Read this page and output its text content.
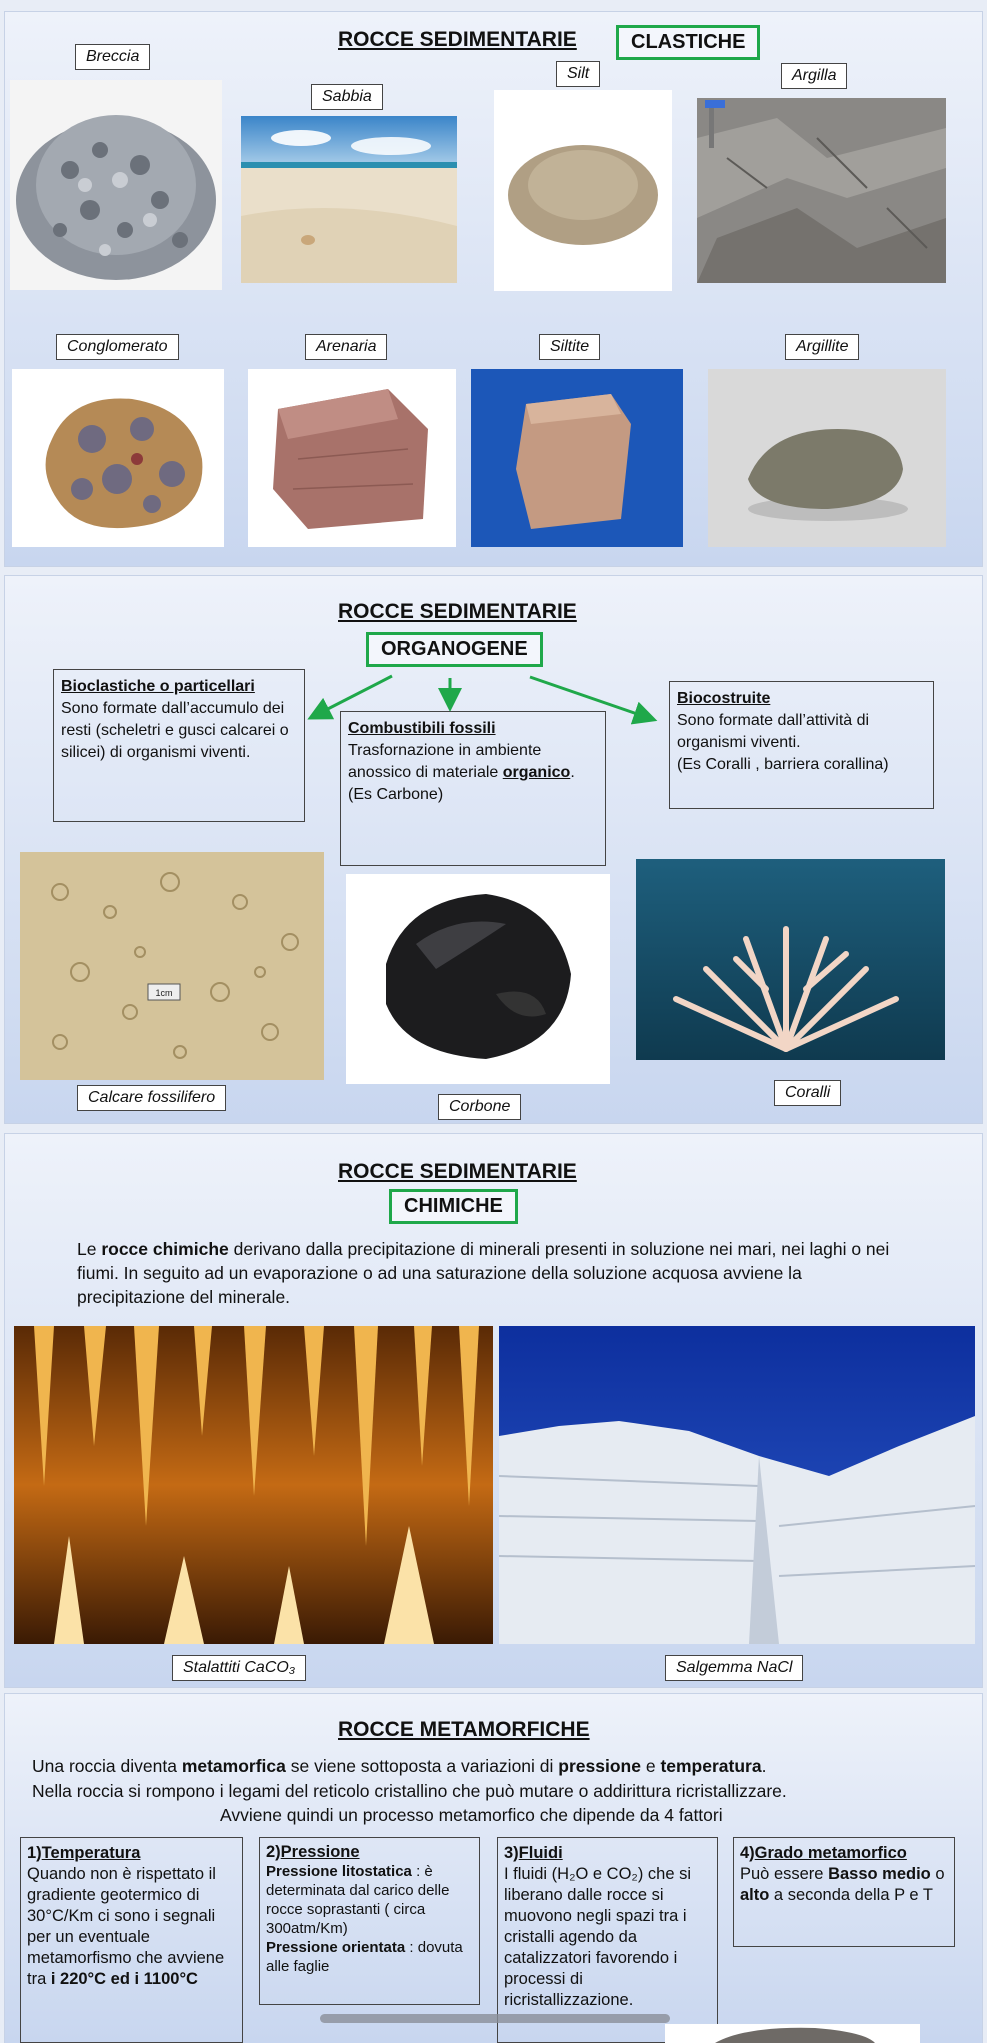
ROCCE SEDIMENTARIE	CLASTICHE
Breccia
Sabbia
Silt	Argilla
Conglomerato	Arenaria	Siltite	Argillite
ROCCE SEDIMENTARIE
ORGANOGENE
Bioclastiche o particellari
Sono formate dall’accumulo dei resti (scheletri e gusci calcarei o silicei) di organismi viventi.
Combustibili fossili
Trasfornazione in ambiente anossico di materiale organico.
(Es Carbone)
Biocostruite
Sono formate dall’attività di organismi viventi.
(Es Coralli , barriera corallina)
1cm
Calcare fossilifero
Corbone
Coralli
ROCCE SEDIMENTARIE
CHIMICHE
Le rocce chimiche derivano dalla precipitazione di minerali presenti in soluzione nei mari, nei laghi o nei fiumi. In seguito ad un evaporazione o ad una saturazione della soluzione acquosa avviene la precipitazione del minerale.
Stalattiti CaCO₃	Salgemma NaCl
ROCCE METAMORFICHE
Una roccia diventa metamorfica se viene sottoposta a variazioni di pressione e temperatura.
Nella roccia si rompono i legami del reticolo cristallino che può mutare o addirittura ricristallizzare.
Avviene quindi un processo metamorfico che dipende da 4 fattori
1)Temperatura
Quando non è rispettato il gradiente geotermico di 30°C/Km ci sono i segnali per un eventuale metamorfismo che avviene tra i 220°C ed i 1100°C
2)Pressione
Pressione litostatica : è determinata dal carico delle rocce soprastanti ( circa 300atm/Km)
Pressione orientata : dovuta alle faglie
3)Fluidi
I fluidi (H₂O e CO₂) che si liberano dalle rocce si muovono negli spazi tra i cristalli agendo da catalizzatori favorendo i processi di ricristallizzazione.
4)Grado metamorfico
Può essere Basso medio o alto a seconda della P e T
